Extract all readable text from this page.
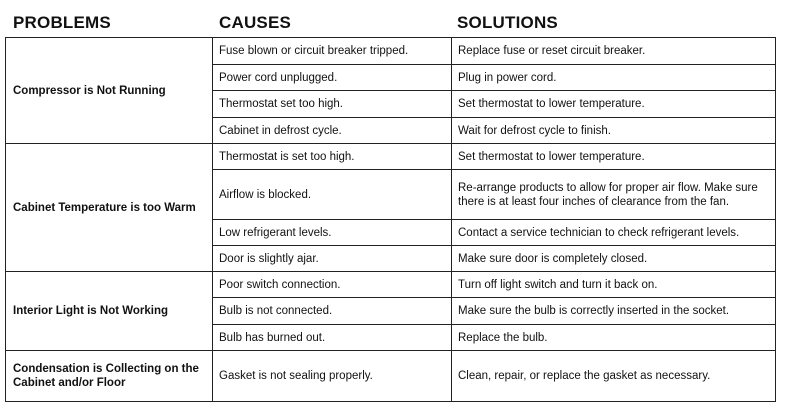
PROBLEMS	CAUSES	SOLUTIONS
Compressor is Not Running	Fuse blown or circuit breaker tripped.	Replace fuse or reset circuit breaker.
	Power cord unplugged.	Plug in power cord.
	Thermostat set too high.	Set thermostat to lower temperature.
	Cabinet in defrost cycle.	Wait for defrost cycle to finish.
Cabinet Temperature is too Warm	Thermostat is set too high.	Set thermostat to lower temperature.
	Airflow is blocked.	Re-arrange products to allow for proper air flow. Make sure there is at least four inches of clearance from the fan.
	Low refrigerant levels.	Contact a service technician to check refrigerant levels.
	Door is slightly ajar.	Make sure door is completely closed.
Interior Light is Not Working	Poor switch connection.	Turn off light switch and turn it back on.
	Bulb is not connected.	Make sure the bulb is correctly inserted in the socket.
	Bulb has burned out.	Replace the bulb.
Condensation is Collecting on the Cabinet and/or Floor	Gasket is not sealing properly.	Clean, repair, or replace the gasket as necessary.
